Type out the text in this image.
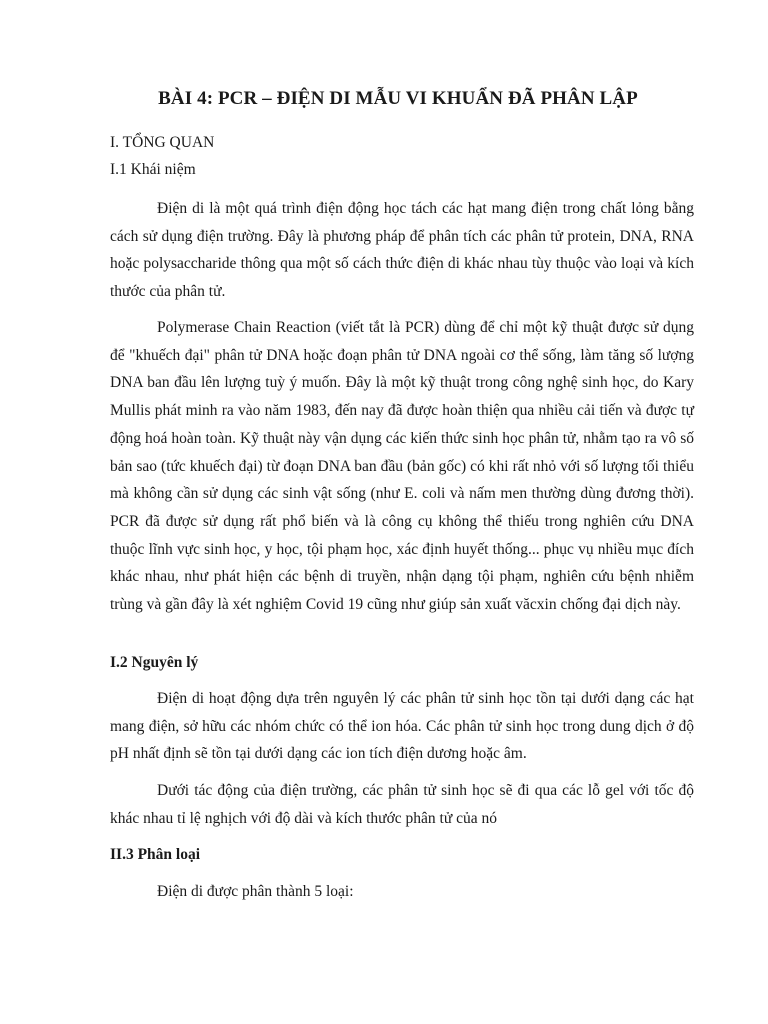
BÀI 4: PCR – ĐIỆN DI MẪU VI KHUẨN ĐÃ PHÂN LẬP
I. TỔNG QUAN
I.1 Khái niệm

Điện di là một quá trình điện động học tách các hạt mang điện trong chất lỏng bằng cách sử dụng điện trường. Đây là phương pháp để phân tích các phân tử protein, DNA, RNA hoặc polysaccharide thông qua một số cách thức điện di khác nhau tùy thuộc vào loại và kích thước của phân tử.

Polymerase Chain Reaction (viết tắt là PCR) dùng để chỉ một kỹ thuật được sử dụng để "khuếch đại" phân tử DNA hoặc đoạn phân tử DNA ngoài cơ thể sống, làm tăng số lượng DNA ban đầu lên lượng tuỳ ý muốn. Đây là một kỹ thuật trong công nghệ sinh học, do Kary Mullis phát minh ra vào năm 1983, đến nay đã được hoàn thiện qua nhiều cải tiến và được tự động hoá hoàn toàn. Kỹ thuật này vận dụng các kiến thức sinh học phân tử, nhằm tạo ra vô số bản sao (tức khuếch đại) từ đoạn DNA ban đầu (bản gốc) có khi rất nhỏ với số lượng tối thiểu mà không cần sử dụng các sinh vật sống (như E. coli và nấm men thường dùng đương thời). PCR đã được sử dụng rất phổ biến và là công cụ không thể thiếu trong nghiên cứu DNA thuộc lĩnh vực sinh học, y học, tội phạm học, xác định huyết thống... phục vụ nhiều mục đích khác nhau, như phát hiện các bệnh di truyền, nhận dạng tội phạm, nghiên cứu bệnh nhiễm trùng và gần đây là xét nghiệm Covid 19 cũng như giúp sản xuất văcxin chống đại dịch này.

I.2 Nguyên lý

Điện di hoạt động dựa trên nguyên lý các phân tử sinh học tồn tại dưới dạng các hạt mang điện, sở hữu các nhóm chức có thể ion hóa. Các phân tử sinh học trong dung dịch ở độ pH nhất định sẽ tồn tại dưới dạng các ion tích điện dương hoặc âm.

Dưới tác động của điện trường, các phân tử sinh học sẽ đi qua các lỗ gel với tốc độ khác nhau tỉ lệ nghịch với độ dài và kích thước phân tử của nó

II.3 Phân loại

Điện di được phân thành 5 loại:
